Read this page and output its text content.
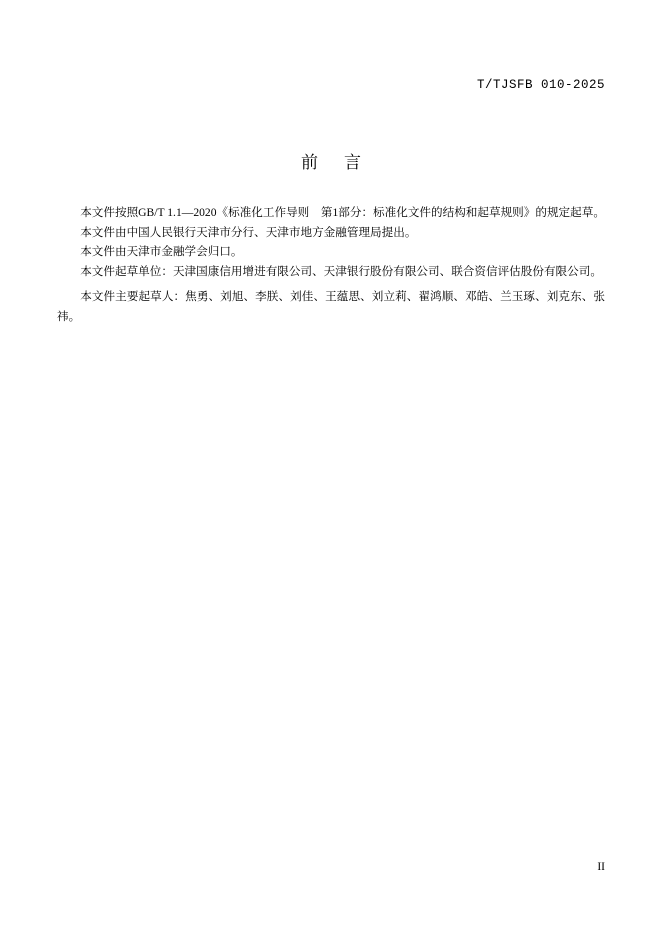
T/TJSFB 010-2025
前 言

本文件按照GB/T 1.1—2020《标准化工作导则　第1部分：标准化文件的结构和起草规则》的规定起草。

本文件由中国人民银行天津市分行、天津市地方金融管理局提出。

本文件由天津市金融学会归口。

本文件起草单位：天津国康信用增进有限公司、天津银行股份有限公司、联合资信评估股份有限公司。

本文件主要起草人：焦勇、刘旭、李朕、刘佳、王蕴思、刘立莉、翟鸿顺、邓皓、兰玉琢、刘克东、张祎。

II
